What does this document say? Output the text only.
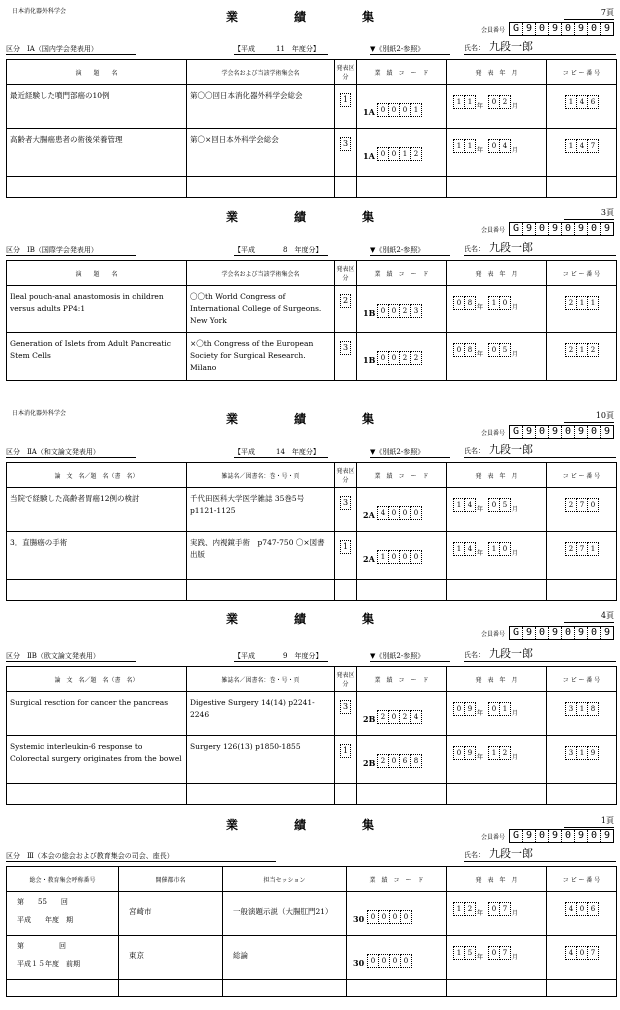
日本消化器外科学会	業　績　集	7頁
会員番号 G 9 0 9 0 9 0 9
区分　ⅠA（国内学会発表用）	【平成　　　11　年度分】	▼《別紙2-参照》	氏名： 九段一郎
演　　題　　名	学会名および当該学術集会名	発表区分	業　績　コ　ー　ド	発　表　年　月	コ ピ ー 番 号
最近経験した噴門部癌の10例	第〇〇回日本消化器外科学会総会	1	1A 0 0 0 1	1 1年0 2月	1 4 6
高齢者大腸癌患者の術後栄養管理	第〇×回日本外科学会総会	3	1A 0 0 1 2	1 1年0 4月	1 4 7

業　績　集	3頁
会員番号 G 9 0 9 0 9 0 9
区分　ⅠB（国際学会発表用）	【平成　　　　8　年度分】	▼《別紙2-参照》	氏名： 九段一郎
演　　題　　名	学会名および当該学術集会名	発表区分	業　績　コ　ー　ド	発　表　年　月	コ ピ ー 番 号
Ileal pouch-anal anastomosis in children versus adults PP4:1	〇〇th World Congress of International College of Surgeons. New York	2	1B 0 0 2 3	0 8年1 0月	2 1 1
Generation of Islets from Adult Pancreatic Stem Cells	×〇th Congress of the European Society for Surgical Research. Milano	3	1B 0 0 2 2	0 8年0 5月	2 1 2
日本消化器外科学会	業　績　集	10頁
会員番号 G 9 0 9 0 9 0 9
区分　ⅡA（和文論文発表用）	【平成　　　14　年度分】	▼《別紙2-参照》	氏名： 九段一郎
論　文　名／題　名（書　名）	雑誌名／図書名：巻・号・頁	発表区分	業　績　コ　ー　ド	発　表　年　月	コ ピ ー 番 号
当院で経験した高齢者胃癌12例の検討	千代田医科大学医学雑誌 35巻5号 p1121-1125	3	2A 4 0 0 0	1 4年0 5月	2 7 0
3．直腸癌の手術	実践、内視鏡手術　p747-750 〇×図書出版	1	2A 1 0 0 0	1 4年1 0月	2 7 1

業　績　集	4頁
会員番号 G 9 0 9 0 9 0 9
区分　ⅡB（欧文論文発表用）	【平成　　　　9　年度分】	▼《別紙2-参照》	氏名： 九段一郎
論　文　名／題　名（書　名）	雑誌名／図書名：巻・号・頁	発表区分	業　績　コ　ー　ド	発　表　年　月	コ ピ ー 番 号
Surgical resction for cancer the pancreas	Digestive Surgery 14(14) p2241-2246	3	2B 2 0 2 4	0 9年0 1月	3 1 8
Systemic interleukin-6 response to Colorectal surgery originates from the bowel	Surgery 126(13) p1850-1855	1	2B 2 0 6 8	0 9年1 2月	3 1 9

業　績　集	1頁
会員番号 G 9 0 9 0 9 0 9
区分　Ⅲ（本会の総会および教育集会の司会、座長）	氏名： 九段一郎
総会・教育集会呼称番号	開催都市名	担当セッション	業　績　コ　ー　ド	発　表　年　月	コ ピ ー 番 号

第　　55　　回
平成　　年度　期	宮崎市	一般演題示説（大腸肛門21）	30 0 0 0 0	1 2年0 7月	4 0 6

第　　　　　回
平成１５年度　前期	東京	総論	30 0 0 0 0	1 5年0 7月	4 0 7
